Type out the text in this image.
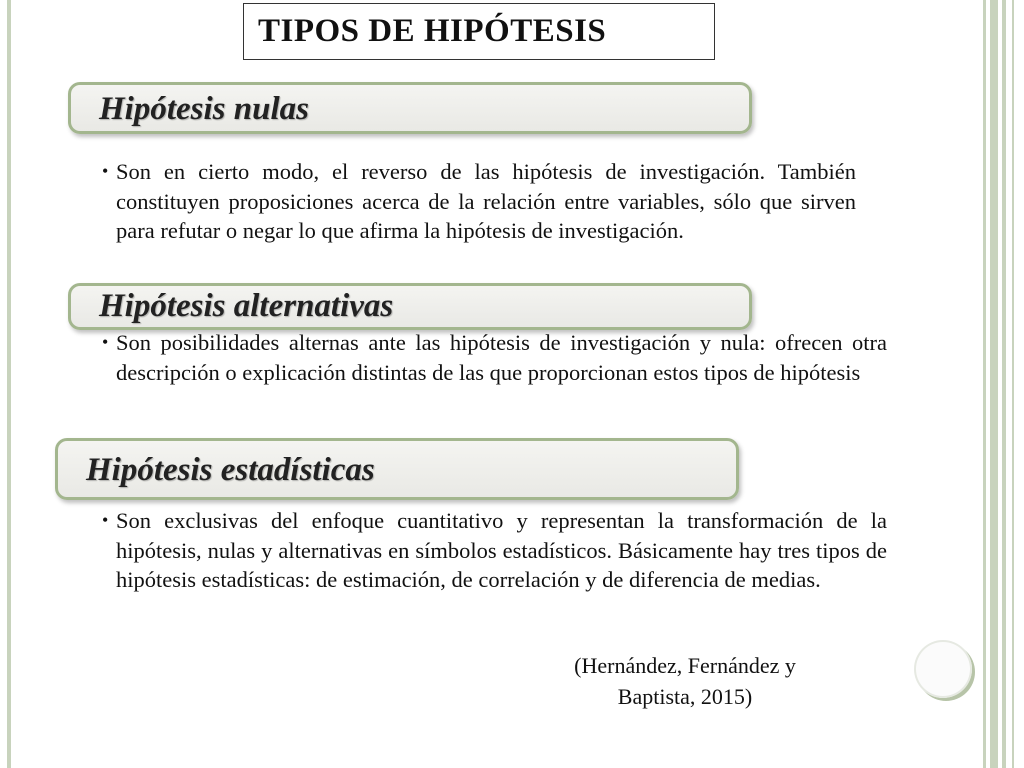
TIPOS DE HIPÓTESIS
Hipótesis nulas
• Son en cierto modo, el reverso de las hipótesis de investigación. También constituyen proposiciones acerca de la relación entre variables, sólo que sirven para refutar o negar lo que afirma la hipótesis de investigación.
Hipótesis alternativas
• Son posibilidades alternas ante las hipótesis de investigación y nula: ofrecen otra descripción o explicación distintas de las que proporcionan estos tipos de hipótesis
Hipótesis estadísticas
• Son exclusivas del enfoque cuantitativo y representan la transformación de la hipótesis, nulas y alternativas en símbolos estadísticos. Básicamente hay tres tipos de hipótesis estadísticas: de estimación, de correlación y de diferencia de medias.
(Hernández, Fernández y
Baptista, 2015)
